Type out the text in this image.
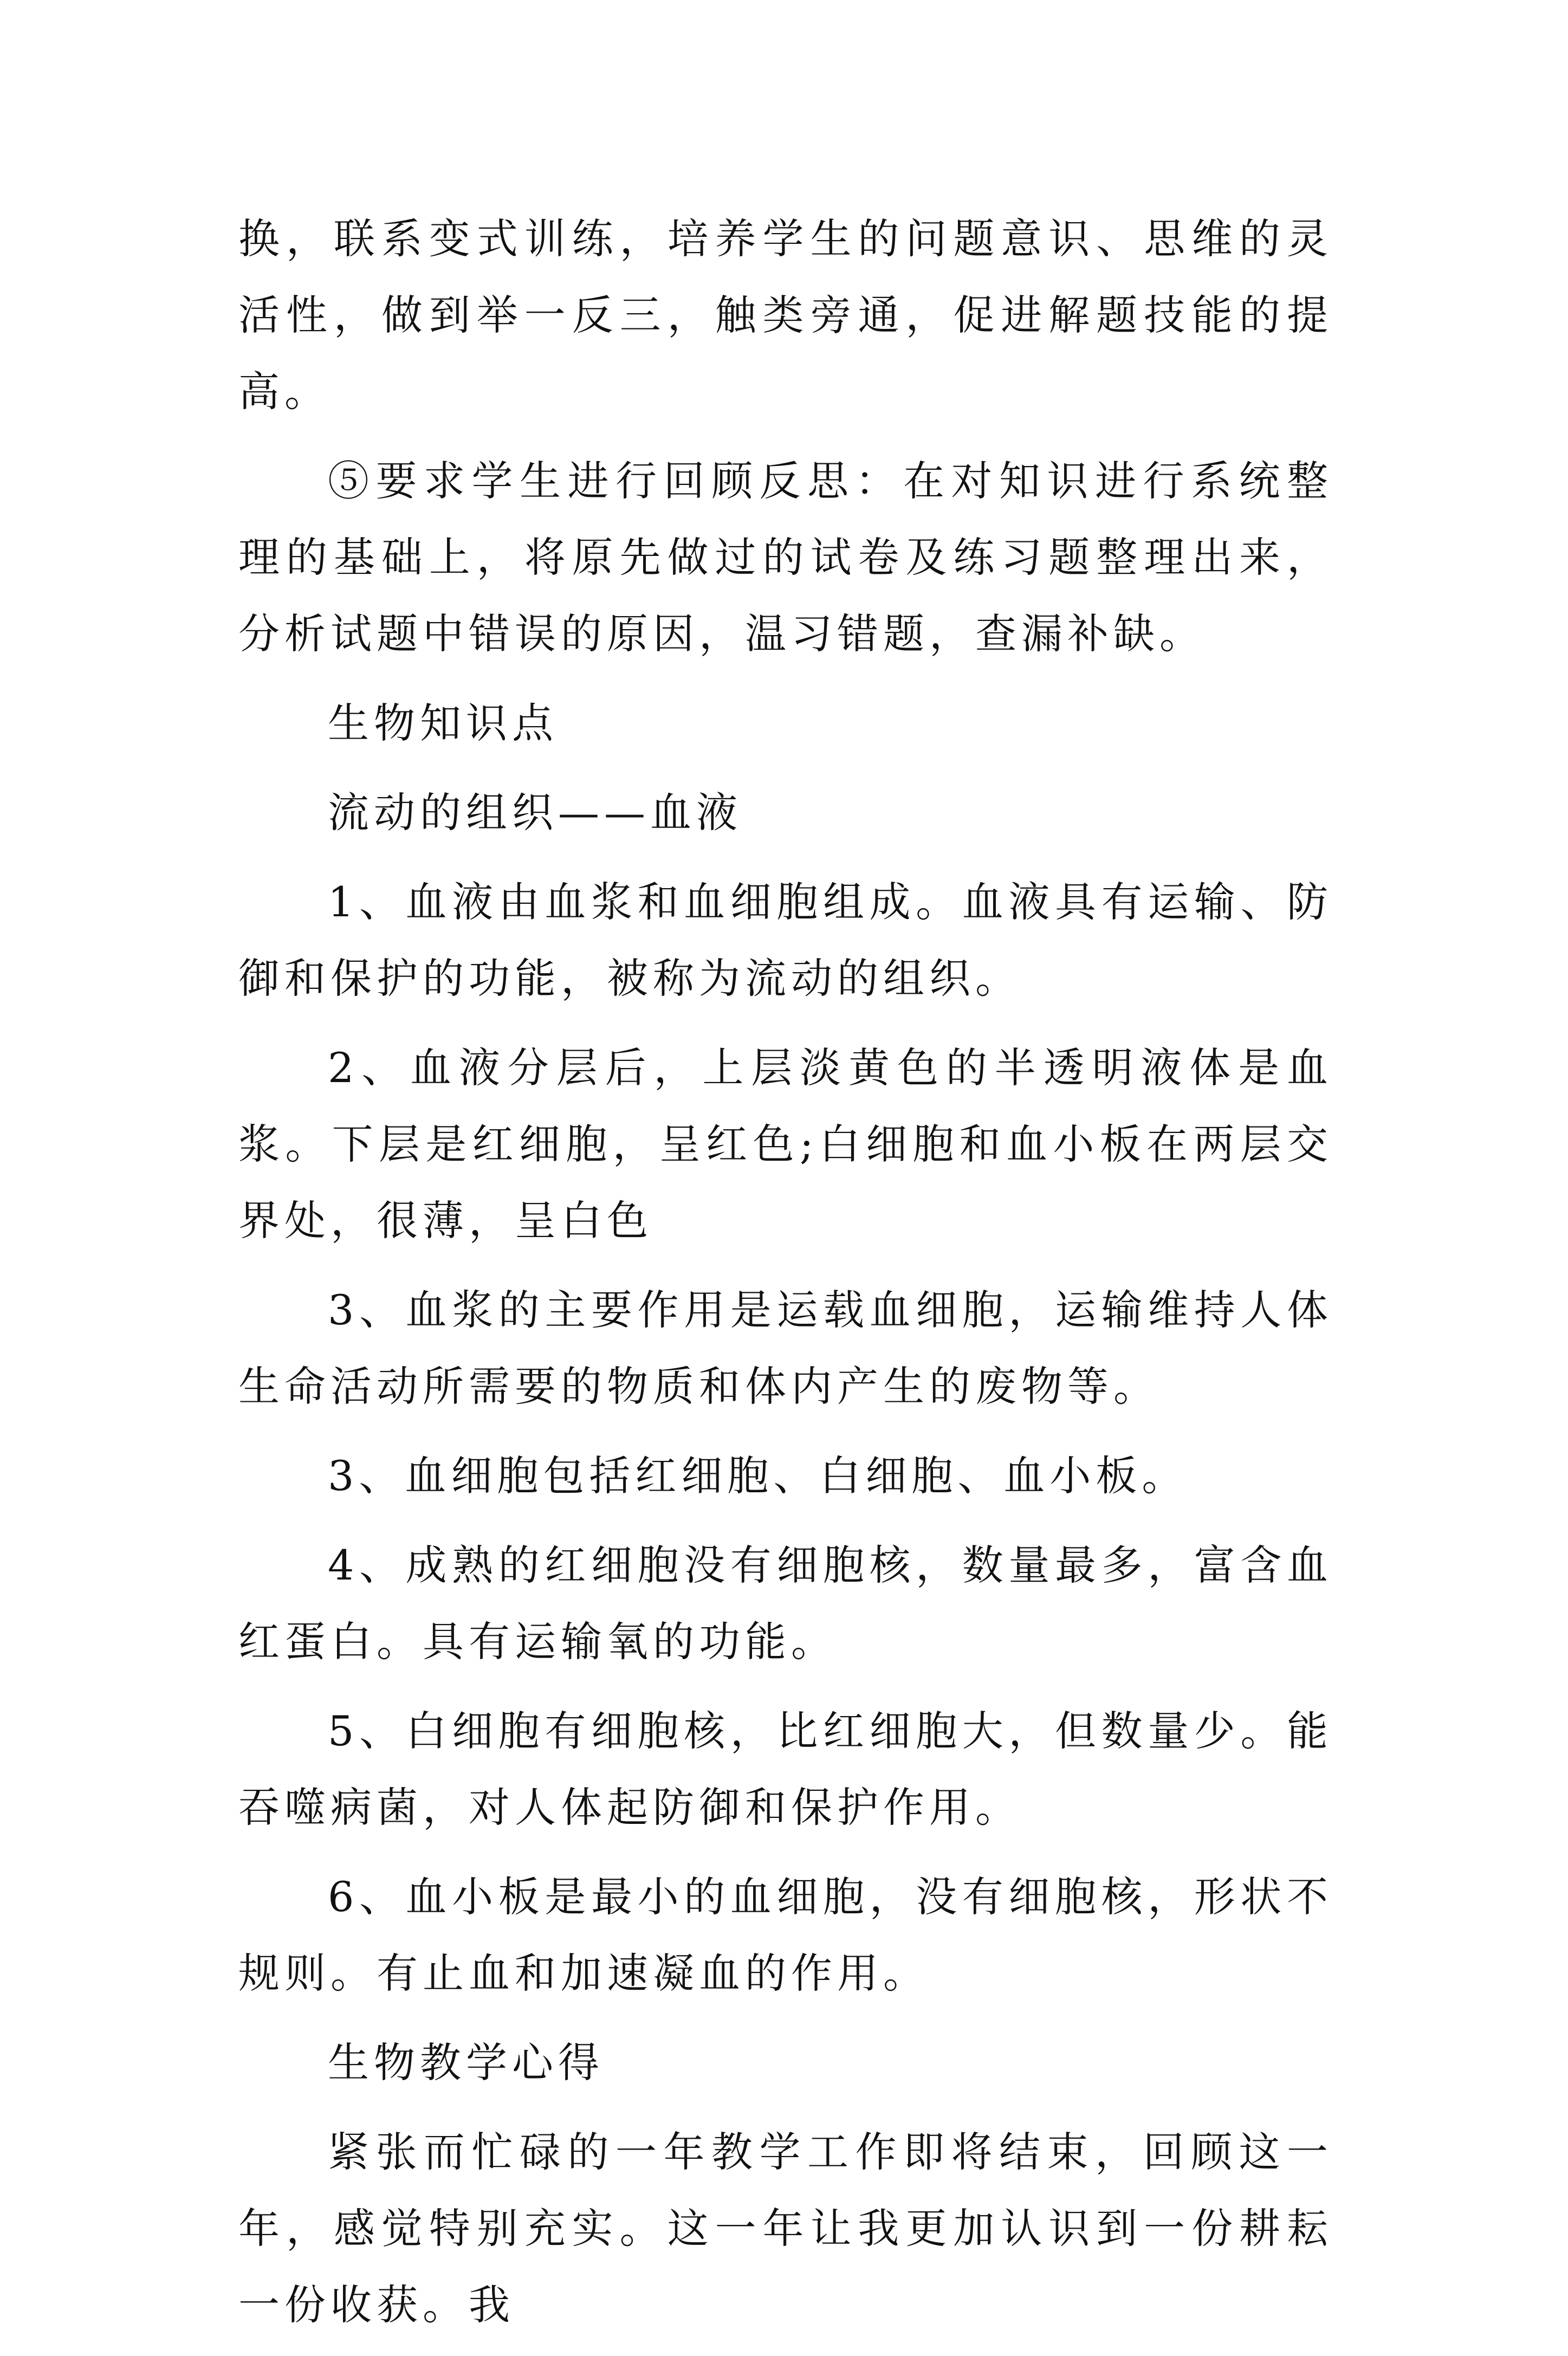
换，联系变式训练，培养学生的问题意识、思维的灵活性，做到举一反三，触类旁通，促进解题技能的提高。

⑤要求学生进行回顾反思：在对知识进行系统整理的基础上，将原先做过的试卷及练习题整理出来，分析试题中错误的原因，温习错题，查漏补缺。

生物知识点

流动的组织——血液

1、血液由血浆和血细胞组成。血液具有运输、防御和保护的功能，被称为流动的组织。

2、血液分层后，上层淡黄色的半透明液体是血浆。下层是红细胞，呈红色;白细胞和血小板在两层交界处，很薄，呈白色

3、血浆的主要作用是运载血细胞，运输维持人体生命活动所需要的物质和体内产生的废物等。

3、血细胞包括红细胞、白细胞、血小板。

4、成熟的红细胞没有细胞核，数量最多，富含血红蛋白。具有运输氧的功能。

5、白细胞有细胞核，比红细胞大，但数量少。能吞噬病菌，对人体起防御和保护作用。

6、血小板是最小的血细胞，没有细胞核，形状不规则。有止血和加速凝血的作用。

生物教学心得

紧张而忙碌的一年教学工作即将结束，回顾这一年，感觉特别充实。这一年让我更加认识到一份耕耘一份收获。我
